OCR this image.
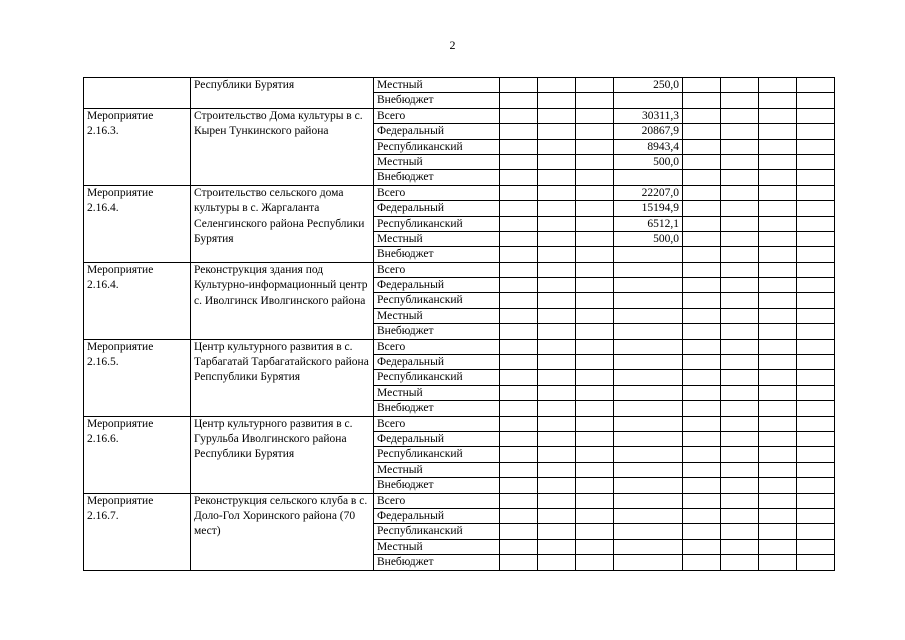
2
	Республики Бурятия	Местный				250,0				
		Внебюджет								
Мероприятие 2.16.3.	Строительство Дома культуры в с. Кырен Тункинского района	Всего				30311,3				
		Федеральный				20867,9				
		Республиканский				8943,4				
		Местный				500,0				
		Внебюджет								
Мероприятие 2.16.4.	Строительство сельского дома культуры в с. Жаргаланта Селенгинского района Республики Бурятия	Всего				22207,0				
		Федеральный				15194,9				
		Республиканский				6512,1				
		Местный				500,0				
		Внебюджет								
Мероприятие 2.16.4.	Реконструкция здания под Культурно-информационный центр с. Иволгинск Иволгинского района	Всего								
		Федеральный								
		Республиканский								
		Местный								
		Внебюджет								
Мероприятие 2.16.5.	Центр культурного развития в с. Тарбагатай Тарбагатайского района Репспублики Бурятия	Всего								
		Федеральный								
		Республиканский								
		Местный								
		Внебюджет								
Мероприятие 2.16.6.	Центр культурного развития в с. Гурульба Иволгинского района Республики Бурятия	Всего								
		Федеральный								
		Республиканский								
		Местный								
		Внебюджет								
Мероприятие 2.16.7.	Реконструкция сельского клуба в с. Доло-Гол Хоринского района (70 мест)	Всего								
		Федеральный								
		Республиканский								
		Местный								
		Внебюджет								
